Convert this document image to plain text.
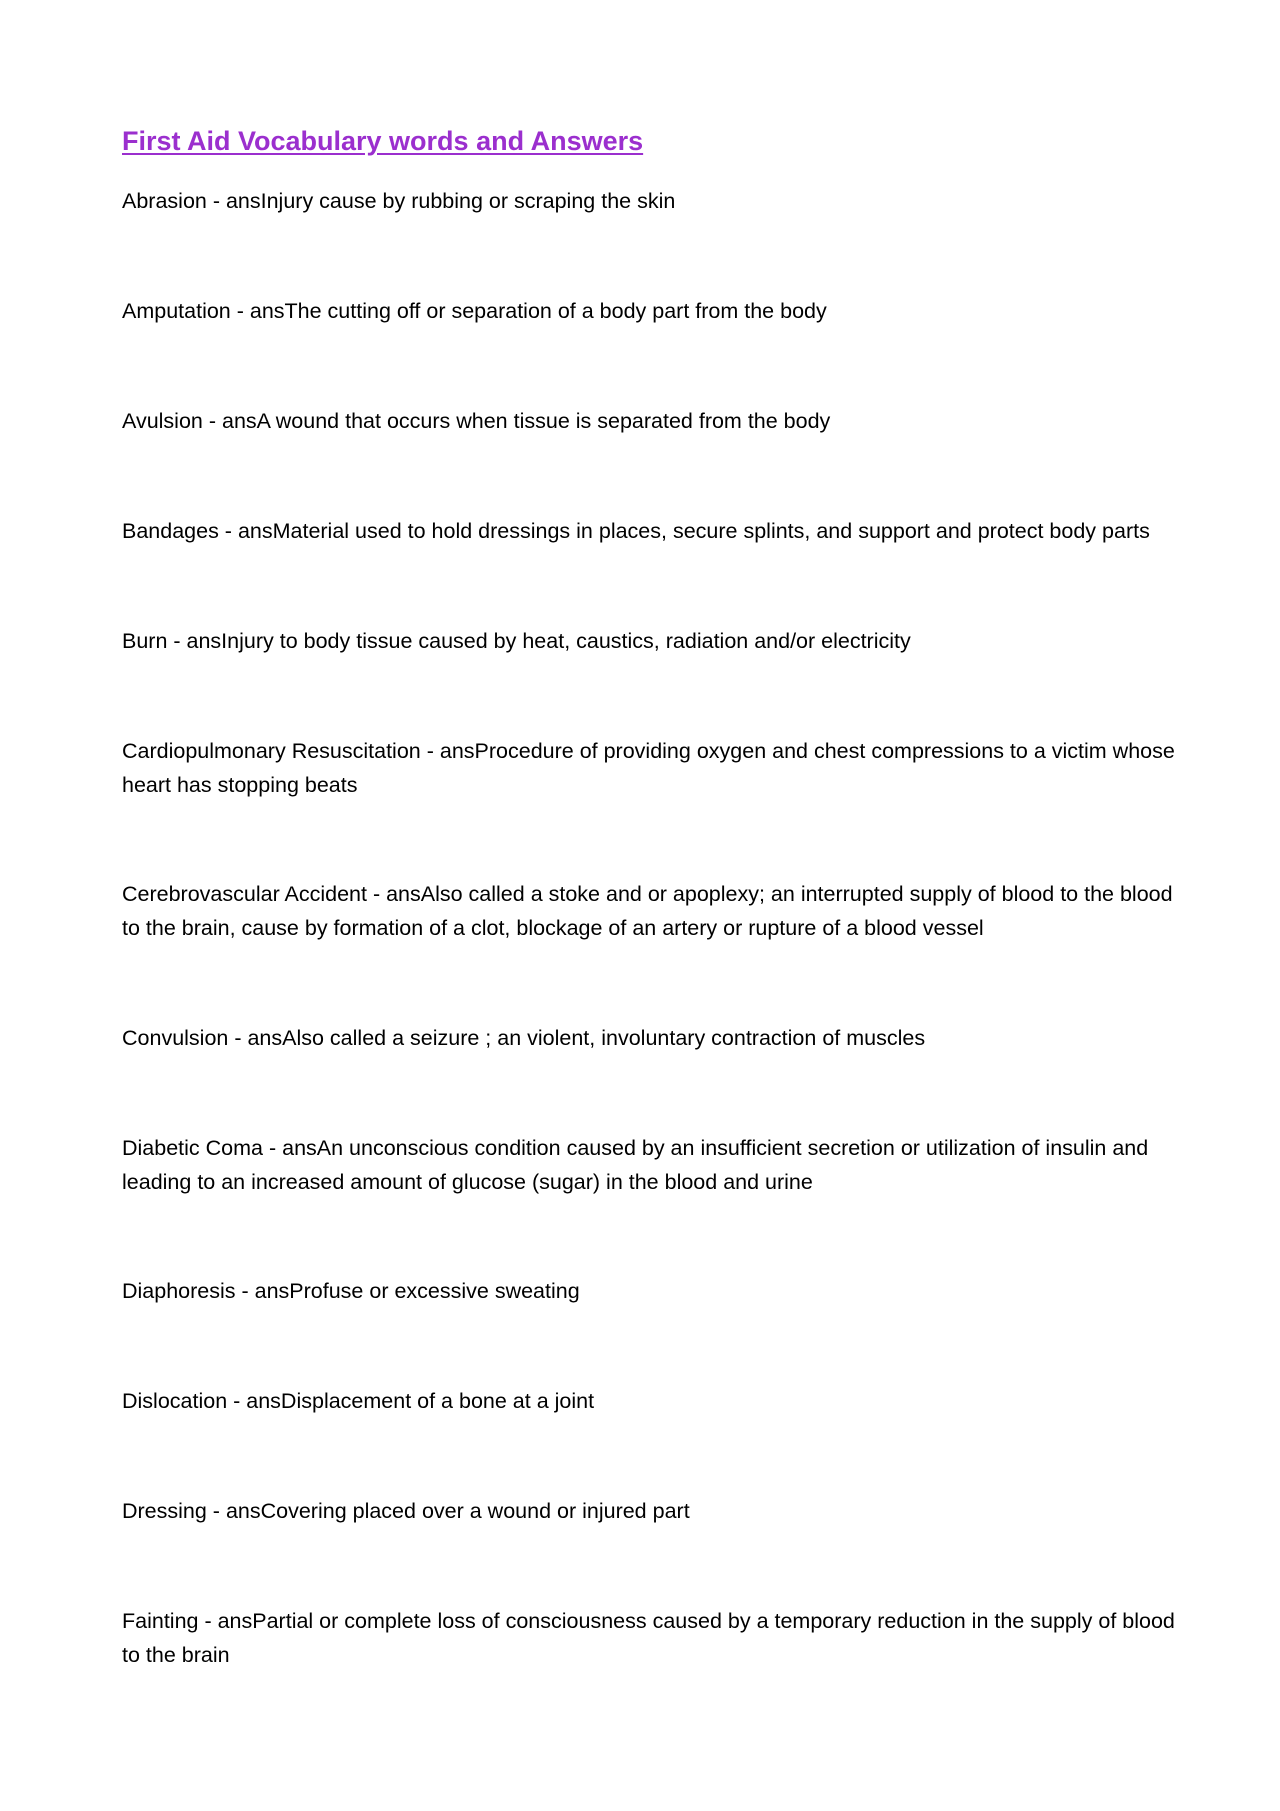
First Aid Vocabulary words and Answers

Abrasion - ansInjury cause by rubbing or scraping the skin

Amputation - ansThe cutting off or separation of a body part from the body

Avulsion - ansA wound that occurs when tissue is separated from the body

Bandages - ansMaterial used to hold dressings in places, secure splints, and support and protect body parts

Burn - ansInjury to body tissue caused by heat, caustics, radiation and/or electricity

Cardiopulmonary Resuscitation - ansProcedure of providing oxygen and chest compressions to a victim whose heart has stopping beats

Cerebrovascular Accident - ansAlso called a stoke and or apoplexy; an interrupted supply of blood to the blood to the brain, cause by formation of a clot, blockage of an artery or rupture of a blood vessel

Convulsion - ansAlso called a seizure ; an violent, involuntary contraction of muscles

Diabetic Coma - ansAn unconscious condition caused by an insufficient secretion or utilization of insulin and leading to an increased amount of glucose (sugar) in the blood and urine

Diaphoresis - ansProfuse or excessive sweating

Dislocation - ansDisplacement of a bone at a joint

Dressing - ansCovering placed over a wound or injured part

Fainting - ansPartial or complete loss of consciousness caused by a temporary reduction in the supply of blood to the brain
